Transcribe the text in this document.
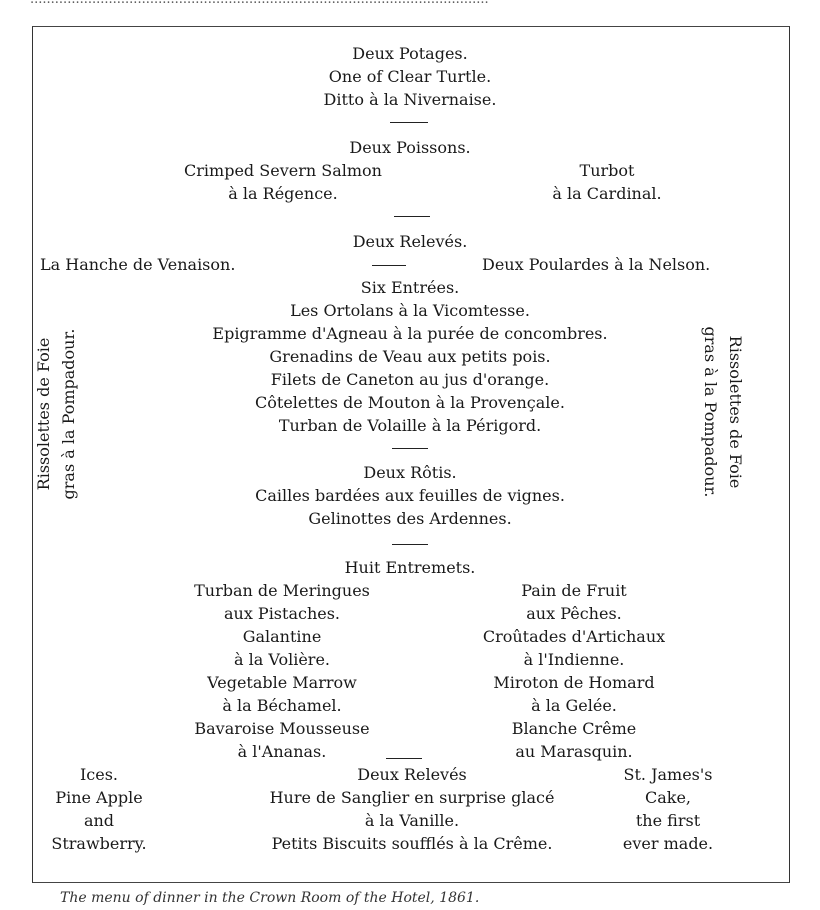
Deux Potages.
One of Clear Turtle.
Ditto à la Nivernaise.
Deux Poissons.
Crimped Severn Salmon
à la Régence.
Turbot
à la Cardinal.
Deux Relevés.
La Hanche de Venaison.	Deux Poulardes à la Nelson.
Six Entrées.
Les Ortolans à la Vicomtesse.
Epigramme d'Agneau à la purée de concombres.
Grenadins de Veau aux petits pois.
Filets de Caneton au jus d'orange.
Côtelettes de Mouton à la Provençale.
Turban de Volaille à la Périgord.
Rissolettes de Foie gras à la Pompadour.	Rissolettes de Foie
gras à la Pompadour.
Deux Rôtis.
Cailles bardées aux feuilles de vignes.
Gelinottes des Ardennes.
Huit Entremets.
Turban de Meringues
aux Pistaches.
Galantine
à la Volière.
Vegetable Marrow
à la Béchamel.
Bavaroise Mousseuse
à l'Ananas.
Pain de Fruit
aux Pêches.
Croûtades d'Artichaux
à l'Indienne.
Miroton de Homard
à la Gelée.
Blanche Crême
au Marasquin.
Ices.
Pine Apple
and
Strawberry.
Deux Relevés
Hure de Sanglier en surprise glacé
à la Vanille.
Petits Biscuits soufflés à la Crême.
St. James's
Cake,
the first
ever made.
The menu of dinner in the Crown Room of the Hotel, 1861.
